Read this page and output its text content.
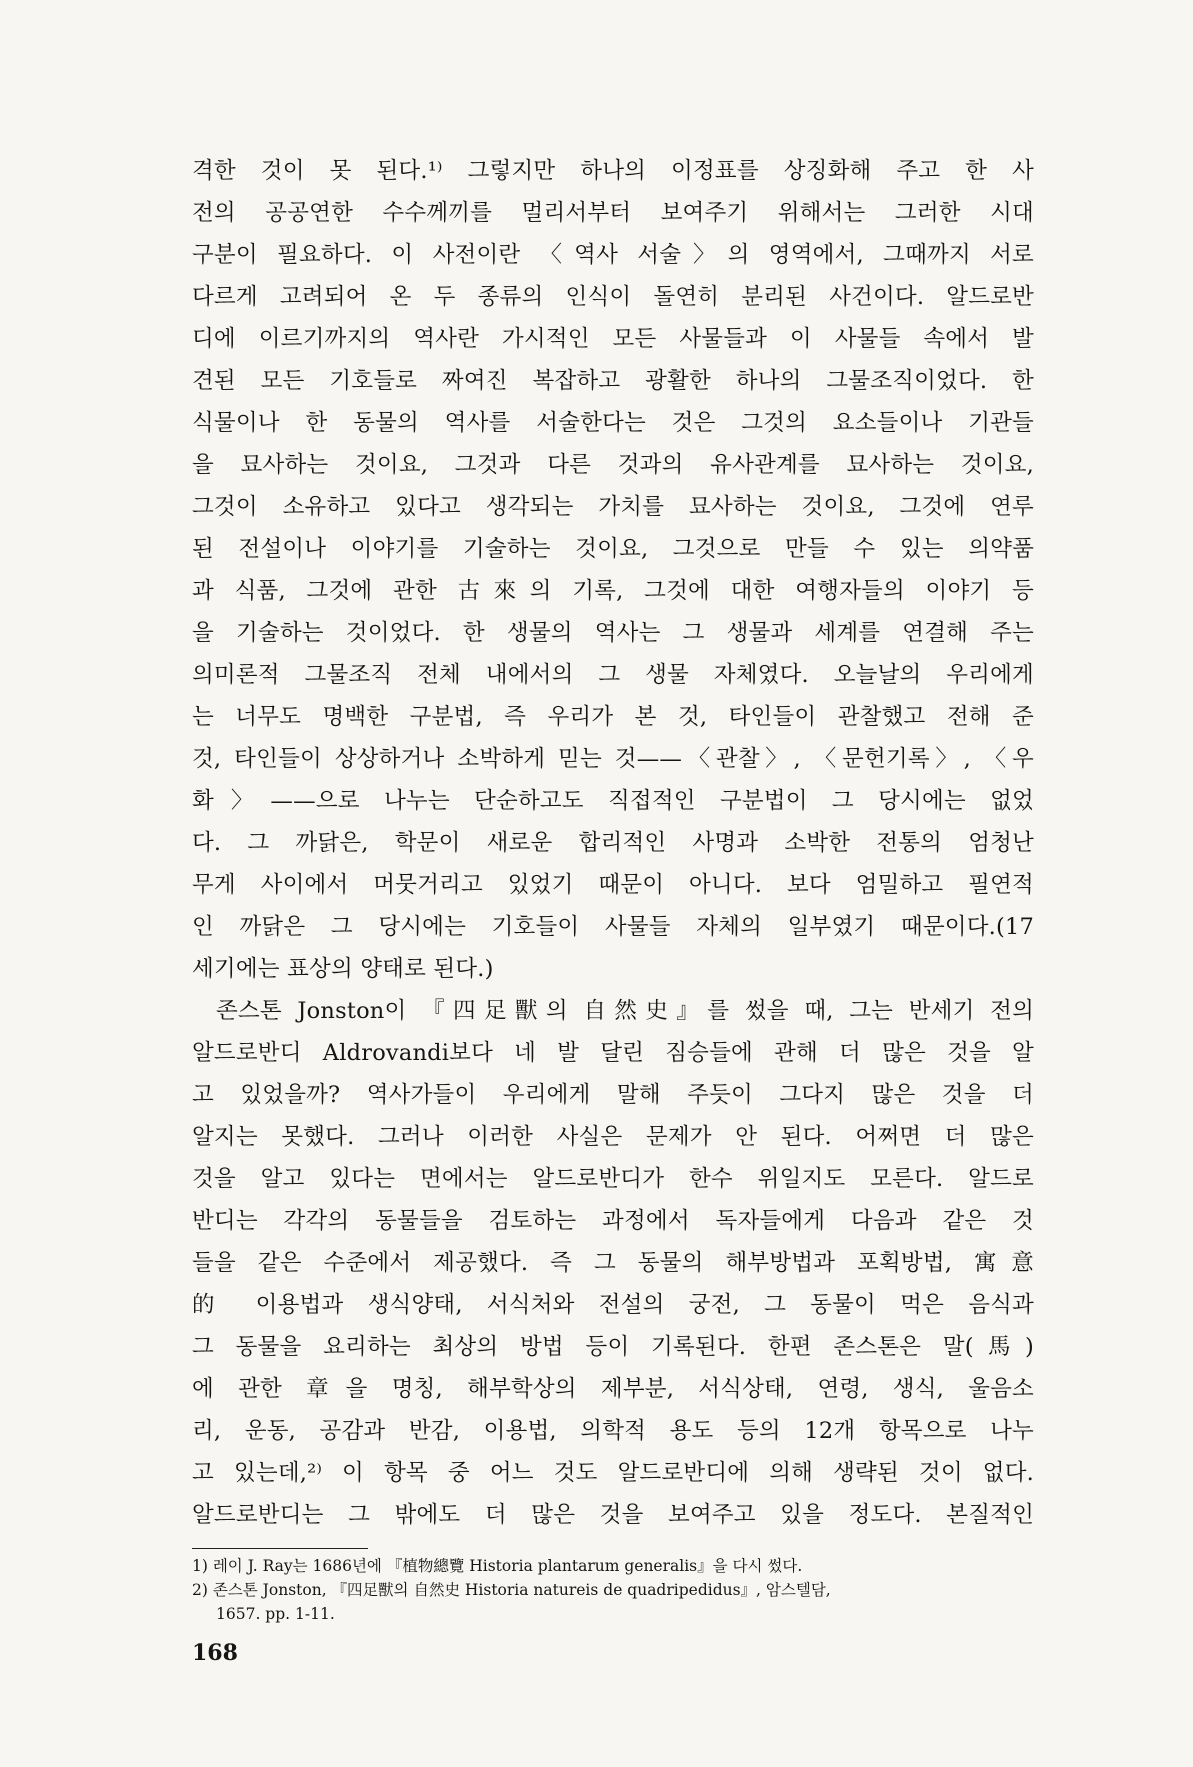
격한 것이 못 된다.¹⁾ 그렇지만 하나의 이정표를 상징화해 주고 한 사
전의 공공연한 수수께끼를 멀리서부터 보여주기 위해서는 그러한 시대
구분이 필요하다. 이 사전이란 〈역사 서술〉의 영역에서, 그때까지 서로
다르게 고려되어 온 두 종류의 인식이 돌연히 분리된 사건이다. 알드로반
디에 이르기까지의 역사란 가시적인 모든 사물들과 이 사물들 속에서 발
견된 모든 기호들로 짜여진 복잡하고 광활한 하나의 그물조직이었다. 한
식물이나 한 동물의 역사를 서술한다는 것은 그것의 요소들이나 기관들
을 묘사하는 것이요, 그것과 다른 것과의 유사관계를 묘사하는 것이요,
그것이 소유하고 있다고 생각되는 가치를 묘사하는 것이요, 그것에 연루
된 전설이나 이야기를 기술하는 것이요, 그것으로 만들 수 있는 의약품
과 식품, 그것에 관한 古來의 기록, 그것에 대한 여행자들의 이야기 등
을 기술하는 것이었다. 한 생물의 역사는 그 생물과 세계를 연결해 주는
의미론적 그물조직 전체 내에서의 그 생물 자체였다. 오늘날의 우리에게
는 너무도 명백한 구분법, 즉 우리가 본 것, 타인들이 관찰했고 전해 준
것, 타인들이 상상하거나 소박하게 믿는 것——〈관찰〉, 〈문헌기록〉, 〈우
화〉——으로 나누는 단순하고도 직접적인 구분법이 그 당시에는 없었
다. 그 까닭은, 학문이 새로운 합리적인 사명과 소박한 전통의 엄청난
무게 사이에서 머뭇거리고 있었기 때문이 아니다. 보다 엄밀하고 필연적
인 까닭은 그 당시에는 기호들이 사물들 자체의 일부였기 때문이다.(17
세기에는 표상의 양태로 된다.)
존스톤 Jonston이 『四足獸의 自然史』를 썼을 때, 그는 반세기 전의
알드로반디 Aldrovandi보다 네 발 달린 짐승들에 관해 더 많은 것을 알
고 있었을까? 역사가들이 우리에게 말해 주듯이 그다지 많은 것을 더
알지는 못했다. 그러나 이러한 사실은 문제가 안 된다. 어쩌면 더 많은
것을 알고 있다는 면에서는 알드로반디가 한수 위일지도 모른다. 알드로
반디는 각각의 동물들을 검토하는 과정에서 독자들에게 다음과 같은 것
들을 같은 수준에서 제공했다. 즉 그 동물의 해부방법과 포획방법, 寓意
的 이용법과 생식양태, 서식처와 전설의 궁전, 그 동물이 먹은 음식과
그 동물을 요리하는 최상의 방법 등이 기록된다. 한편 존스톤은 말(馬)
에 관한 章을 명칭, 해부학상의 제부분, 서식상태, 연령, 생식, 울음소
리, 운동, 공감과 반감, 이용법, 의학적 용도 등의 12개 항목으로 나누
고 있는데,²⁾ 이 항목 중 어느 것도 알드로반디에 의해 생략된 것이 없다.
알드로반디는 그 밖에도 더 많은 것을 보여주고 있을 정도다. 본질적인
1) 레이 J. Ray는 1686년에 『植物總覽 Historia plantarum generalis』을 다시 썼다.
2) 존스톤 Jonston, 『四足獸의 自然史 Historia natureis de quadripedidus』, 암스텔담,
1657. pp. 1-11.
168
